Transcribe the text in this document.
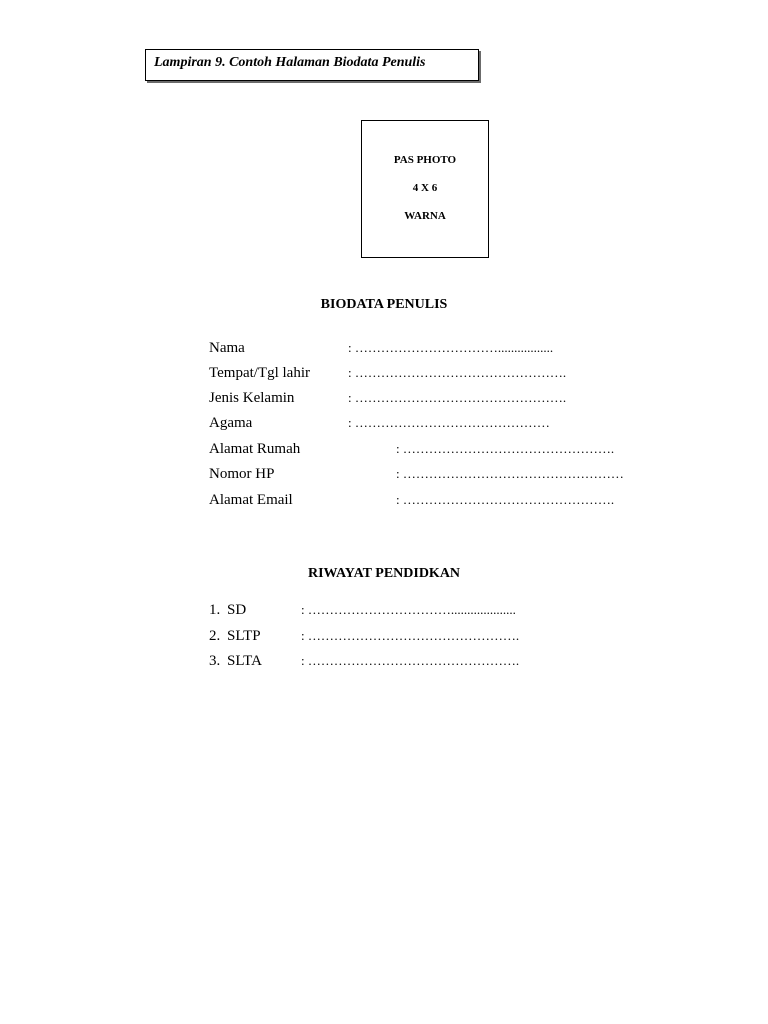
Lampiran 9. Contoh Halaman Biodata Penulis
PAS PHOTO
4 X 6
WARNA
BIODATA PENULIS
Nama	: …………………………….................
Tempat/Tgl lahir	: ………………………………………….
Jenis Kelamin	: ………………………………………….
Agama	: ………………………………………
Alamat Rumah	: ………………………………………….
Nomor HP	: ……………………………………………
Alamat Email	: ………………………………………….
RIWAYAT PENDIDKAN
1. SD	: ……………………………....................
2. SLTP	: ………………………………………….
3. SLTA	: ………………………………………….
